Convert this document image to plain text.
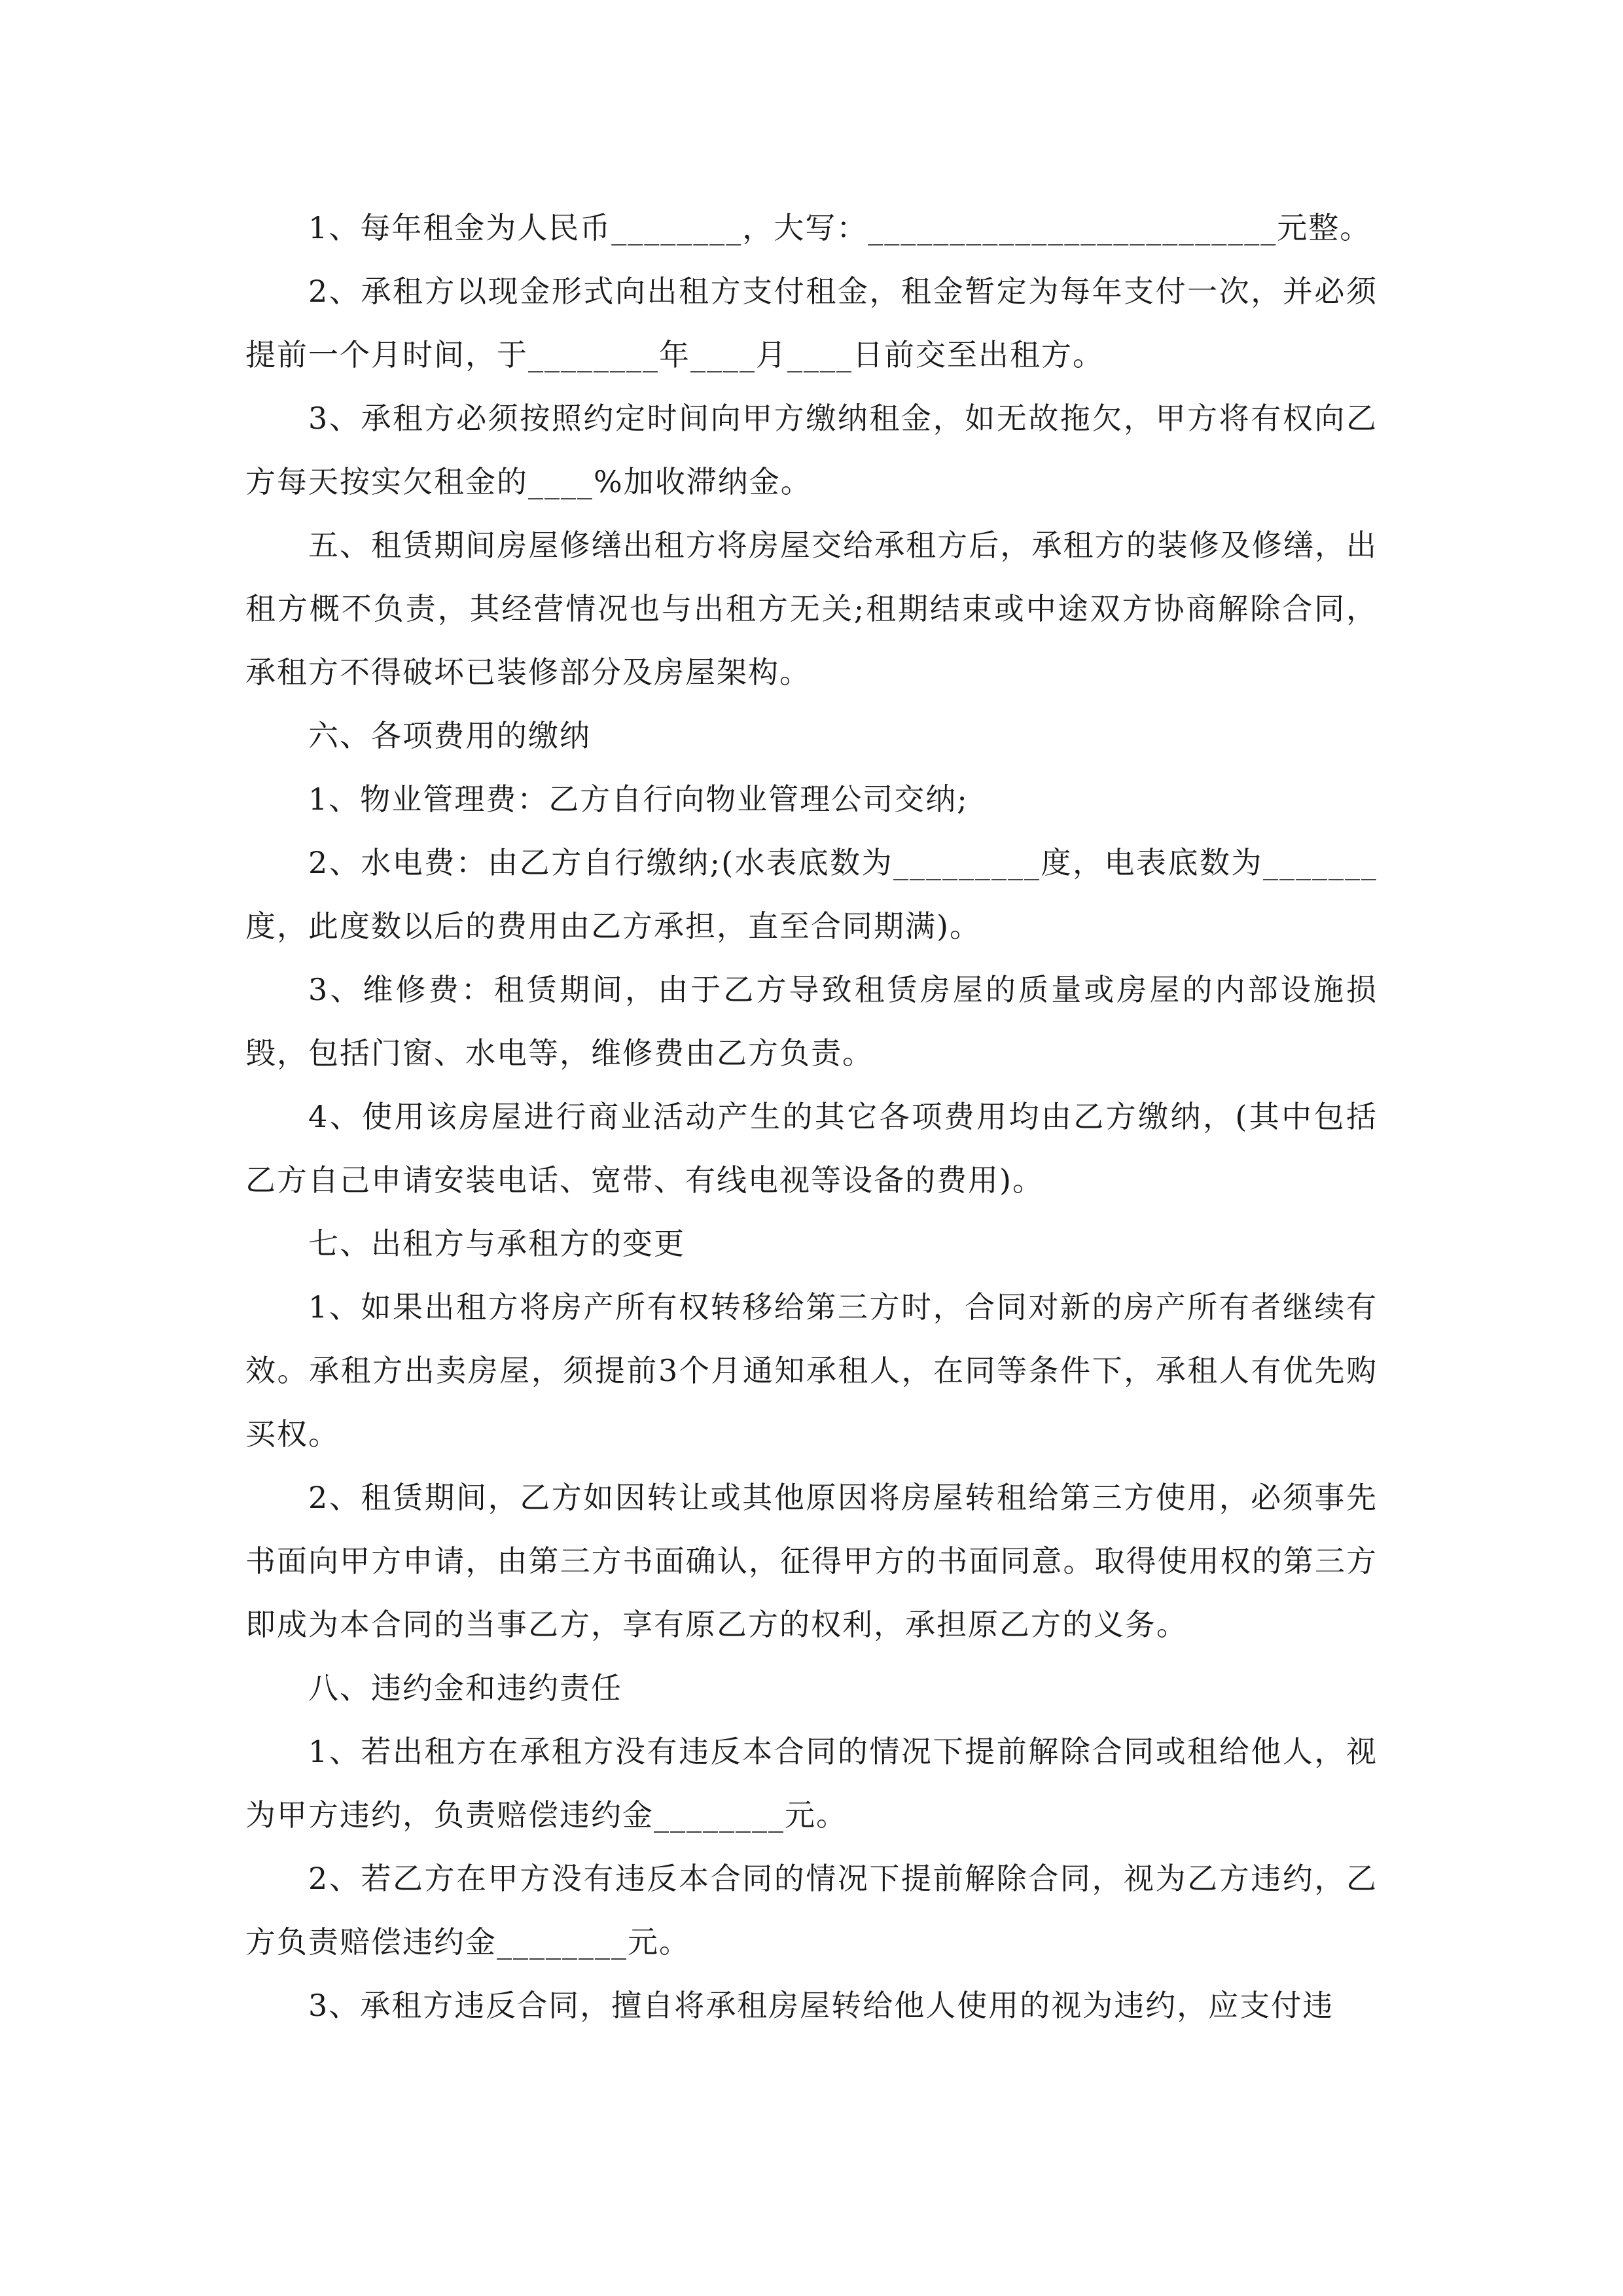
1、每年租金为人民币________，大写：_________________________元整。

2、承租方以现金形式向出租方支付租金，租金暂定为每年支付一次，并必须提前一个月时间，于________年____月____日前交至出租方。

3、承租方必须按照约定时间向甲方缴纳租金，如无故拖欠，甲方将有权向乙方每天按实欠租金的____%加收滞纳金。

五、租赁期间房屋修缮出租方将房屋交给承租方后，承租方的装修及修缮，出租方概不负责，其经营情况也与出租方无关;租期结束或中途双方协商解除合同，承租方不得破坏已装修部分及房屋架构。

六、各项费用的缴纳

1、物业管理费：乙方自行向物业管理公司交纳;

2、水电费：由乙方自行缴纳;(水表底数为_________度，电表底数为_______度，此度数以后的费用由乙方承担，直至合同期满)。

3、维修费：租赁期间，由于乙方导致租赁房屋的质量或房屋的内部设施损毁，包括门窗、水电等，维修费由乙方负责。

4、使用该房屋进行商业活动产生的其它各项费用均由乙方缴纳，(其中包括乙方自己申请安装电话、宽带、有线电视等设备的费用)。

七、出租方与承租方的变更

1、如果出租方将房产所有权转移给第三方时，合同对新的房产所有者继续有效。承租方出卖房屋，须提前3个月通知承租人，在同等条件下，承租人有优先购买权。

2、租赁期间，乙方如因转让或其他原因将房屋转租给第三方使用，必须事先书面向甲方申请，由第三方书面确认，征得甲方的书面同意。取得使用权的第三方即成为本合同的当事乙方，享有原乙方的权利，承担原乙方的义务。

八、违约金和违约责任

1、若出租方在承租方没有违反本合同的情况下提前解除合同或租给他人，视为甲方违约，负责赔偿违约金________元。

2、若乙方在甲方没有违反本合同的情况下提前解除合同，视为乙方违约，乙方负责赔偿违约金________元。

3、承租方违反合同，擅自将承租房屋转给他人使用的视为违约，应支付违
